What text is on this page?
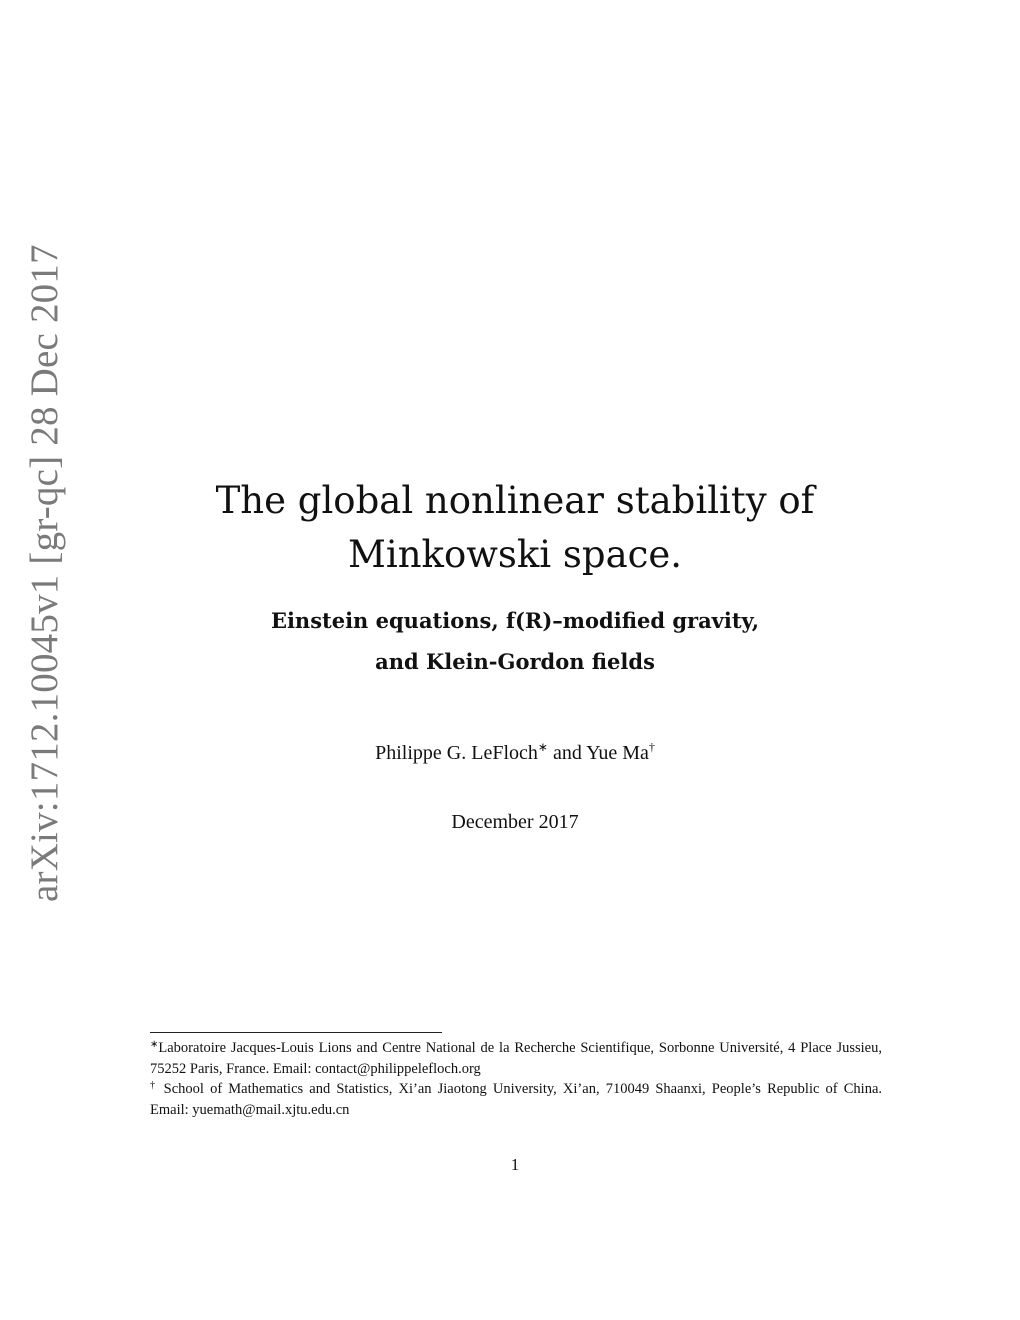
arXiv:1712.10045v1 [gr-qc] 28 Dec 2017	The global nonlinear stability of
Minkowski space.
Einstein equations, f(R)–modified gravity,
and Klein-Gordon fields
Philippe G. LeFloch∗ and Yue Ma†
December 2017

∗Laboratoire Jacques-Louis Lions and Centre National de la Recherche Scientifique, Sorbonne Université, 4 Place Jussieu, 75252 Paris, France. Email: contact@philippelefloch.org

† School of Mathematics and Statistics, Xi’an Jiaotong University, Xi’an, 710049 Shaanxi, People’s Republic of China. Email: yuemath@mail.xjtu.edu.cn

1
